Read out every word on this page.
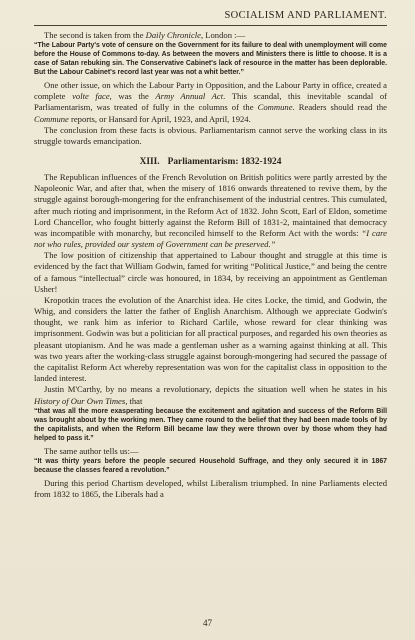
SOCIALISM AND PARLIAMENT.

The second is taken from the Daily Chronicle, London :—

“The Labour Party's vote of censure on the Government for its failure to deal with unemployment will come before the House of Commons to-day. As between the movers and Ministers there is little to choose. It is a case of Satan rebuking sin. The Conservative Cabinet's lack of resource in the matter has been deplorable. But the Labour Cabinet's record last year was not a whit better.”

One other issue, on which the Labour Party in Opposition, and the Labour Party in office, created a complete volte face, was the Army Annual Act. This scandal, this inevitable scandal of Parliamentarism, was treated of fully in the columns of the Commune. Readers should read the Commune reports, or Hansard for April, 1923, and April, 1924.

The conclusion from these facts is obvious. Parliamentarism cannot serve the working class in its struggle towards emancipation.

XIII. Parliamentarism: 1832-1924

The Republican influences of the French Revolution on British politics were partly arrested by the Napoleonic War, and after that, when the misery of 1816 onwards threatened to revive them, by the struggle against borough-mongering for the enfranchisement of the industrial centres. This cumulated, after much rioting and imprisonment, in the Reform Act of 1832. John Scott, Earl of Eldon, sometime Lord Chancellor, who fought bitterly against the Reform Bill of 1831-2, maintained that democracy was incompatible with monarchy, but reconciled himself to the Reform Act with the words: “I care not who rules, provided our system of Government can be preserved.”

The low position of citizenship that appertained to Labour thought and struggle at this time is evidenced by the fact that William Godwin, famed for writing “Political Justice,” and being the centre of a famous “intellectual” circle was honoured, in 1834, by receiving an appointment as Gentleman Usher!

Kropotkin traces the evolution of the Anarchist idea. He cites Locke, the timid, and Godwin, the Whig, and considers the latter the father of English Anarchism. Although we appreciate Godwin's thought, we rank him as inferior to Richard Carlile, whose reward for clear thinking was imprisonment. Godwin was but a politician for all practical purposes, and regarded his own theories as pleasant utopianism. And he was made a gentleman usher as a warning against thinking at all. This was two years after the working-class struggle against borough-mongering had secured the passage of the capitalist Reform Act whereby representation was won for the capitalist class in opposition to the landed interest.

Justin M'Carthy, by no means a revolutionary, depicts the situation well when he states in his History of Our Own Times, that

“that was all the more exasperating because the excitement and agitation and success of the Reform Bill was brought about by the working men. They came round to the belief that they had been made tools of by the capitalists, and when the Reform Bill became law they were thrown over by those whom they had helped to pass it.”

The same author tells us:—

“It was thirty years before the people secured Household Suffrage, and they only secured it in 1867 because the classes feared a revolution.”

During this period Chartism developed, whilst Liberalism triumphed. In nine Parliaments elected from 1832 to 1865, the Liberals had a

47
